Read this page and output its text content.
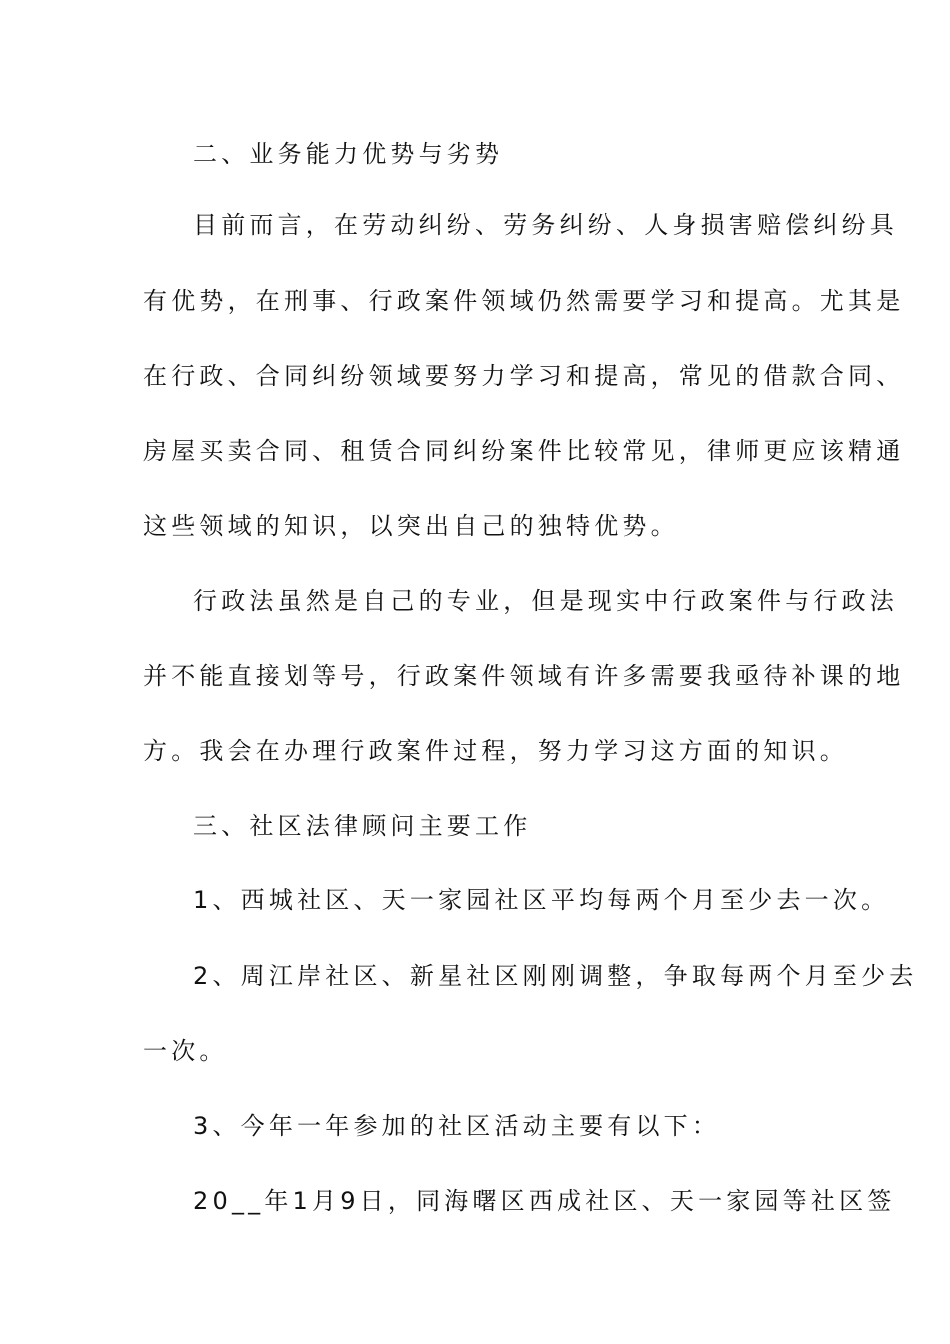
二、业务能力优势与劣势
目前而言，在劳动纠纷、劳务纠纷、人身损害赔偿纠纷具
有优势，在刑事、行政案件领域仍然需要学习和提高。尤其是
在行政、合同纠纷领域要努力学习和提高，常见的借款合同、
房屋买卖合同、租赁合同纠纷案件比较常见，律师更应该精通
这些领域的知识，以突出自己的独特优势。
行政法虽然是自己的专业，但是现实中行政案件与行政法
并不能直接划等号，行政案件领域有许多需要我亟待补课的地
方。我会在办理行政案件过程，努力学习这方面的知识。
三、社区法律顾问主要工作
1、西城社区、天一家园社区平均每两个月至少去一次。
2、周江岸社区、新星社区刚刚调整，争取每两个月至少去
一次。
3、今年一年参加的社区活动主要有以下：
20__年1月9日，同海曙区西成社区、天一家园等社区签
